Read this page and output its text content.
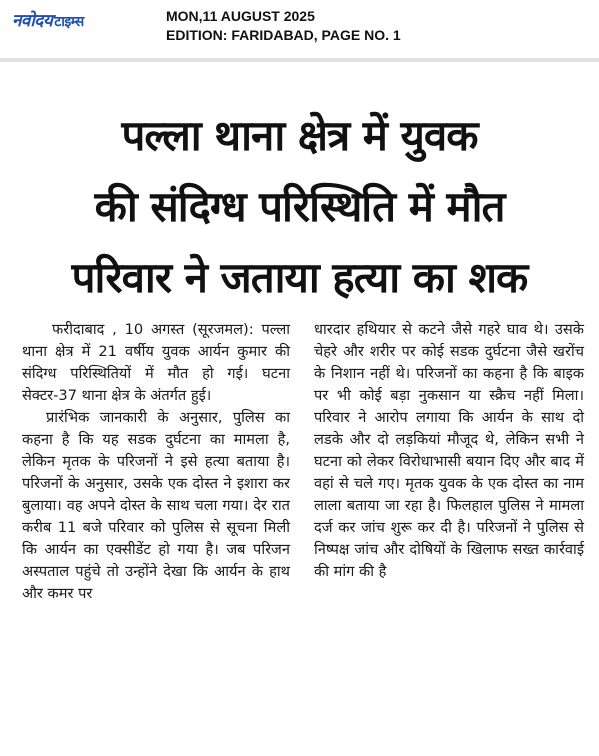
नवोदय टाइम्स	MON,11 AUGUST 2025
EDITION: FARIDABAD, PAGE NO. 1
पल्ला थाना क्षेत्र में युवक
की संदिग्ध परिस्थिति में मौत
परिवार ने जताया हत्या का शक

फरीदाबाद , 10 अगस्त (सूरजमल): पल्ला थाना क्षेत्र में 21 वर्षीय युवक आर्यन कुमार की संदिग्ध परिस्थितियों में मौत हो गई। घटना सेक्टर-37 थाना क्षेत्र के अंतर्गत हुई।

प्रारंभिक जानकारी के अनुसार, पुलिस का कहना है कि यह सडक दुर्घटना का मामला है, लेकिन मृतक के परिजनों ने इसे हत्या बताया है। परिजनों के अनुसार, उसके एक दोस्त ने इशारा कर बुलाया। वह अपने दोस्त के साथ चला गया। देर रात करीब 11 बजे परिवार को पुलिस से सूचना मिली कि आर्यन का एक्सीडेंट हो गया है। जब परिजन अस्पताल पहुंचे तो उन्होंने देखा कि आर्यन के हाथ और कमर पर

धारदार हथियार से कटने जैसे गहरे घाव थे। उसके चेहरे और शरीर पर कोई सडक दुर्घटना जैसे खरोंच के निशान नहीं थे। परिजनों का कहना है कि बाइक पर भी कोई बड़ा नुकसान या स्क्रैच नहीं मिला। परिवार ने आरोप लगाया कि आर्यन के साथ दो लडके और दो लड़कियां मौजूद थे, लेकिन सभी ने घटना को लेकर विरोधाभासी बयान दिए और बाद में वहां से चले गए। मृतक युवक के एक दोस्त का नाम लाला बताया जा रहा है। फिलहाल पुलिस ने मामला दर्ज कर जांच शुरू कर दी है। परिजनों ने पुलिस से निष्पक्ष जांच और दोषियों के खिलाफ सख्त कार्रवाई की मांग की है
